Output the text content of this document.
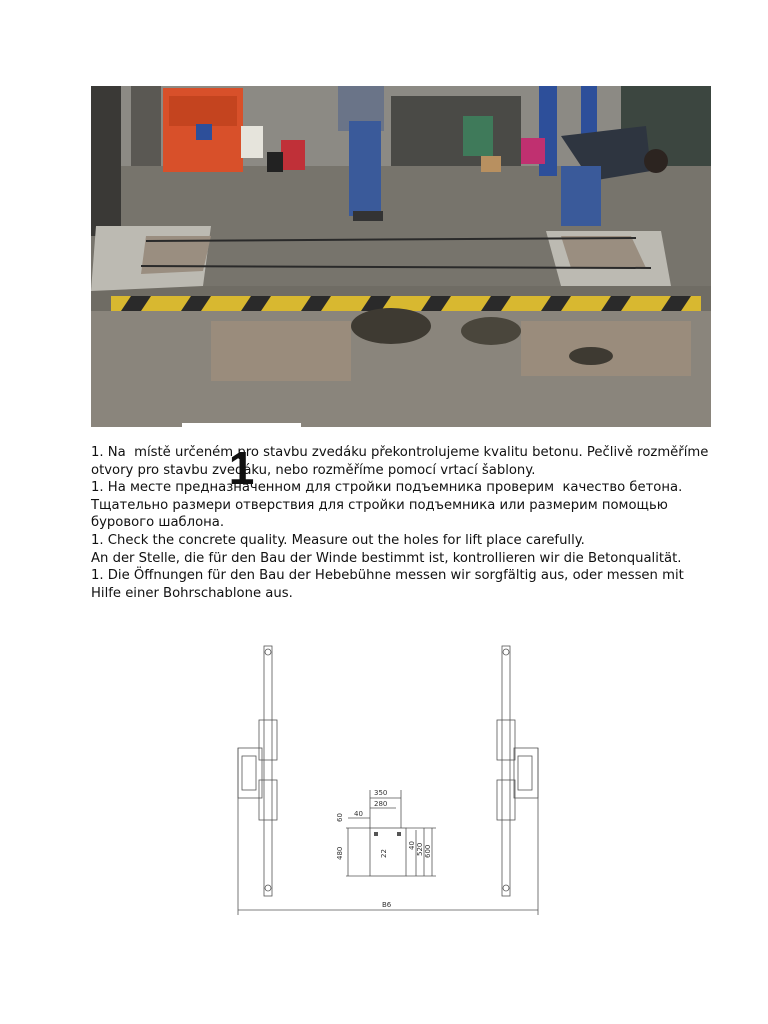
1

1. Na  místě určeném pro stavbu zvedáku překontrolujeme kvalitu betonu. Pečlivě rozměříme otvory pro stavbu zvedáku, nebo rozměříme pomocí vrtací šablony.

1. На месте предназначенном для стройки подъемника проверим  качество бетона. Тщательно размери отверствия для стройки подъемника или размерим помощью бурового шаблона.

1. Check the concrete quality. Measure out the holes for lift place carefully.

An der Stelle, die für den Bau der Winde bestimmt ist, kontrollieren wir die Betonqualität.

1. Die Öffnungen für den Bau der Hebebühne messen wir sorgfältig aus, oder messen mit Hilfe einer Bohrschablone aus.

350
280
40
60
22
480
40 520 600
B6
